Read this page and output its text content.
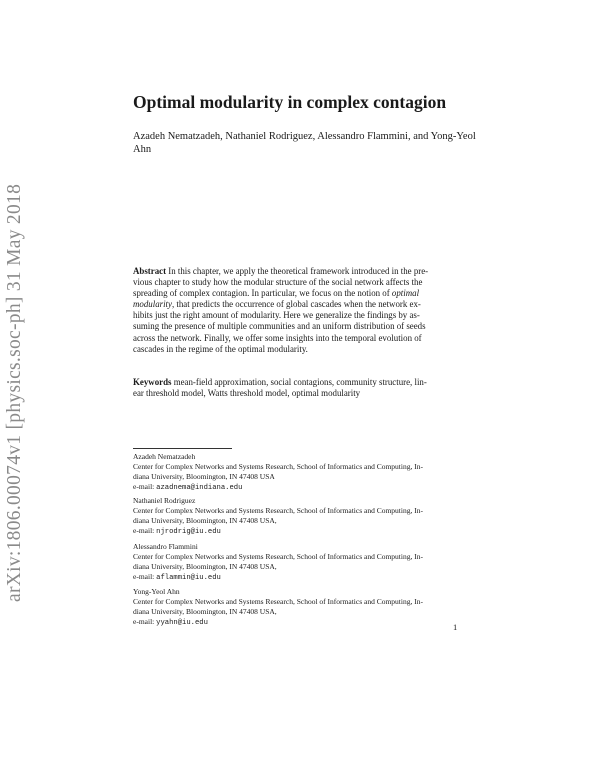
arXiv:1806.00074v1 [physics.soc-ph] 31 May 2018
Optimal modularity in complex contagion
Azadeh Nematzadeh, Nathaniel Rodriguez, Alessandro Flammini, and Yong-Yeol
Ahn
Abstract In this chapter, we apply the theoretical framework introduced in the pre-
vious chapter to study how the modular structure of the social network affects the
spreading of complex contagion. In particular, we focus on the notion of optimal
modularity, that predicts the occurrence of global cascades when the network ex-
hibits just the right amount of modularity. Here we generalize the findings by as-
suming the presence of multiple communities and an uniform distribution of seeds
across the network. Finally, we offer some insights into the temporal evolution of
cascades in the regime of the optimal modularity.
Keywords mean-field approximation, social contagions, community structure, lin-
ear threshold model, Watts threshold model, optimal modularity
Azadeh Nematzadeh
Center for Complex Networks and Systems Research, School of Informatics and Computing, In-
diana University, Bloomington, IN 47408 USA
e-mail: azadnema@indiana.edu
Nathaniel Rodriguez
Center for Complex Networks and Systems Research, School of Informatics and Computing, In-
diana University, Bloomington, IN 47408 USA,
e-mail: njrodrig@iu.edu
Alessandro Flammini
Center for Complex Networks and Systems Research, School of Informatics and Computing, In-
diana University, Bloomington, IN 47408 USA,
e-mail: aflammin@iu.edu
Yong-Yeol Ahn
Center for Complex Networks and Systems Research, School of Informatics and Computing, In-
diana University, Bloomington, IN 47408 USA,
e-mail: yyahn@iu.edu	1
